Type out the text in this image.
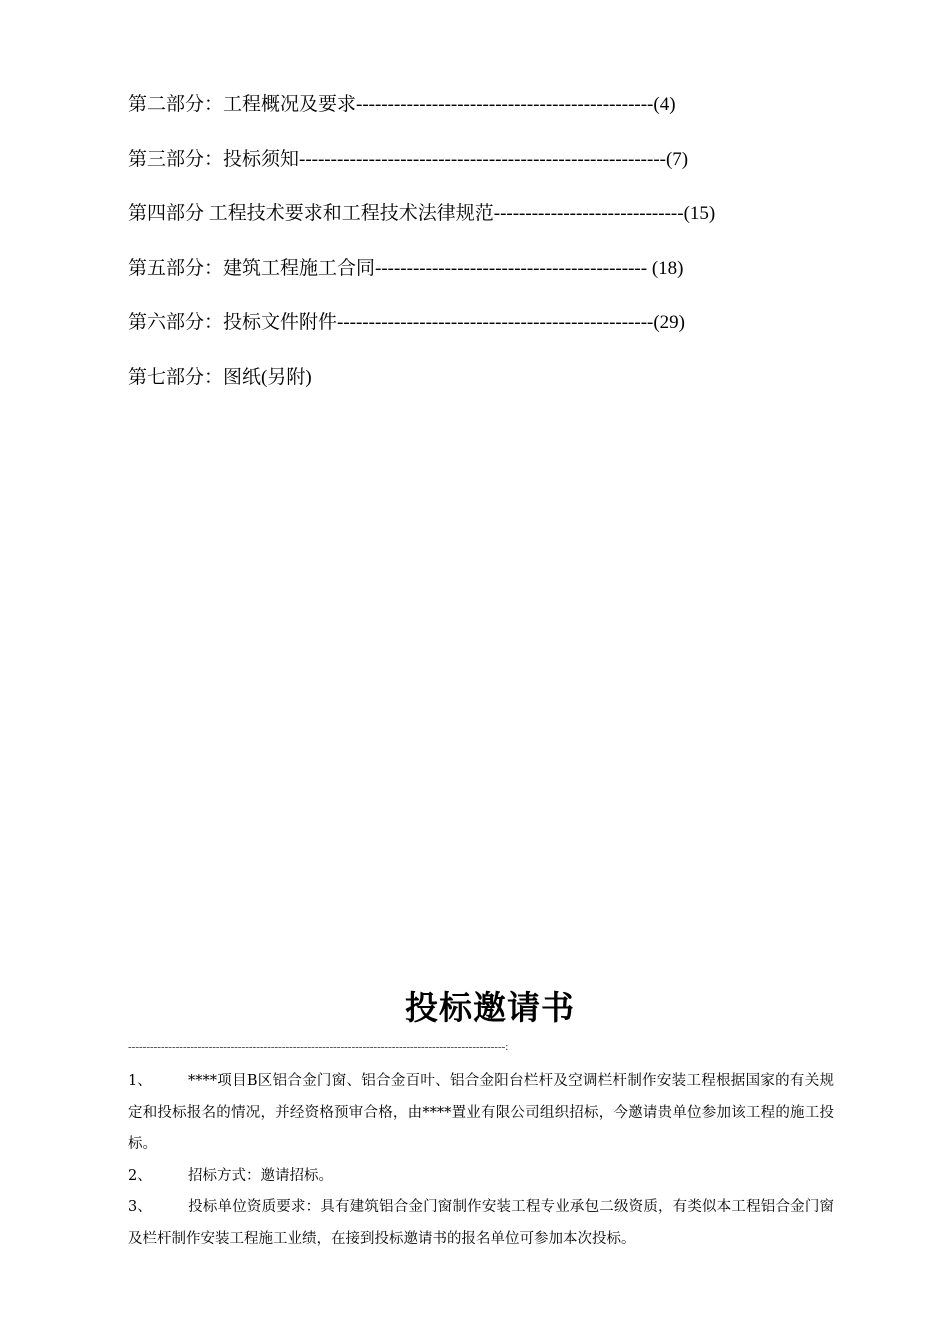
第二部分：工程概况及要求-----------------------------------------------(4)
第三部分：投标须知----------------------------------------------------------(7)
第四部分 工程技术要求和工程技术法律规范------------------------------(15)
第五部分：建筑工程施工合同------------------------------------------- (18)
第六部分：投标文件附件--------------------------------------------------(29)
第七部分：图纸(另附)
投标邀请书
-------------------------------------------------------------------------------------------------------:

1、	****项目B区铝合金门窗、铝合金百叶、铝合金阳台栏杆及空调栏杆制作安装工程根据国家的有关规定和投标报名的情况，并经资格预审合格，由****置业有限公司组织招标，今邀请贵单位参加该工程的施工投标。

2、	招标方式：邀请招标。

3、	投标单位资质要求：具有建筑铝合金门窗制作安装工程专业承包二级资质，有类似本工程铝合金门窗及栏杆制作安装工程施工业绩，在接到投标邀请书的报名单位可参加本次投标。
